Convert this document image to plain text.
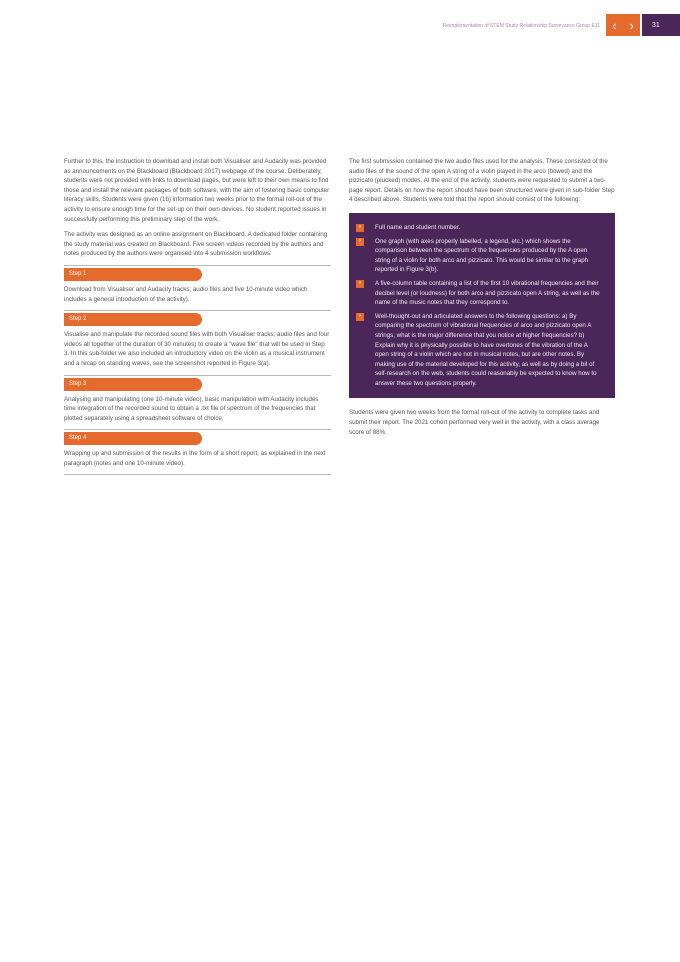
Reimplementation of STEM Study Relationship Surveyance Group E11 ‹ ›	31

Further to this, the instruction to download and install both Visualiser and Audacity was provided as announcements on the Blackboard (Blackboard 2017) webpage of the course. Deliberately, students were not provided with links to download pages, but were left to their own means to find those and install the relevant packages of both software, with the aim of fostering basic computer literacy skills. Students were given (1b) information two weeks prior to the formal roll-out of the activity to ensure enough time for the set-up on their own devices. No student reported issues in successfully performing this preliminary step of the work.

The activity was designed as an online assignment on Blackboard. A dedicated folder containing the study material was created on Blackboard. Five screen videos recorded by the authors and notes produced by the authors were organised into 4 submission workflows:

Step 1

Download from Visualiser and Audacity tracks; audio files and five 10-minute video which includes a general introduction of the activity).

Step 2

Visualise and manipulate the recorded sound files with both Visualiser tracks; audio files and four videos all together of the duration of 30 minutes) to create a "wave file" that will be used in Step 3. In this sub-folder we also included an introductory video on the violin as a musical instrument and a recap on standing waves, see the screenshot reported in Figure 3(a).

Step 3

Analysing and manipulating (one 10-minute video), basic manipulation with Audacity includes time integration of the recorded sound to obtain a .txt file of spectrum of the frequencies that plotted separately using a spreadsheet software of choice.

Step 4

Wrapping up and submission of the results in the form of a short report, as explained in the next paragraph (notes and one 10-minute video).

The first submission contained the two audio files used for the analysis. These consisted of the audio files of the sound of the open A string of a violin played in the arco (bowed) and the pizzicato (plucked) modes. At the end of the activity, students were requested to submit a two-page report. Details on how the report should have been structured were given in sub-folder Step 4 described above. Students were told that the report should consist of the following:

›	Full name and student number.
›	One graph (with axes properly labelled, a legend, etc.) which shows the comparison between the spectrum of the frequencies produced by the A open string of a violin for both arco and pizzicato. This would be similar to the graph reported in Figure 3(b).
›	A five-column table containing a list of the first 10 vibrational frequencies and their decibel level (or loudness) for both arco and pizzicato open A string, as well as the name of the music notes that they correspond to.
›	Well-thought-out and articulated answers to the following questions: a) By comparing the spectrum of vibrational frequencies of arco and pizzicato open A strings, what is the major difference that you notice at higher frequencies? b) Explain why it is physically possible to have overtones of the vibration of the A open string of a violin which are not in musical notes, but are other notes. By making use of the material developed for this activity, as well as by doing a bit of self-research on the web, students could reasonably be expected to know how to answer these two questions properly.

Students were given two weeks from the formal roll-out of the activity to complete tasks and submit their report. The 2021 cohort performed very well in the activity, with a class average score of 88%.
